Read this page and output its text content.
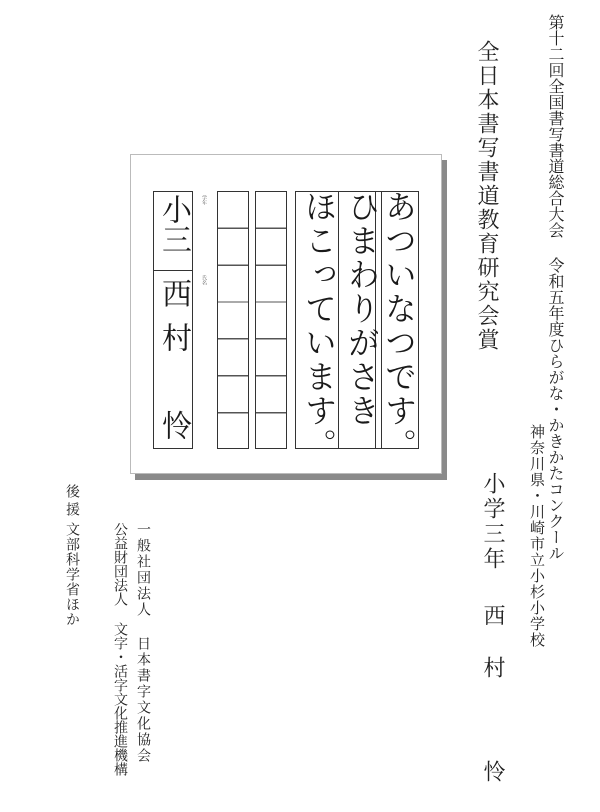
第十二回全国書写書道総合大会 令和五年度ひらがな・かきかたコンクール
全日本書写書道教育研究会賞
あついなつです。
ひまわりがさき
ほこっています。
学年
氏名
小三
西村　怜
神奈川県・川崎市立小杉小学校
小学三年
西村　怜
一般社団法人 日本書字文化協会
公益財団法人 文字・活字文化推進機構
後援
文部科学省ほか
